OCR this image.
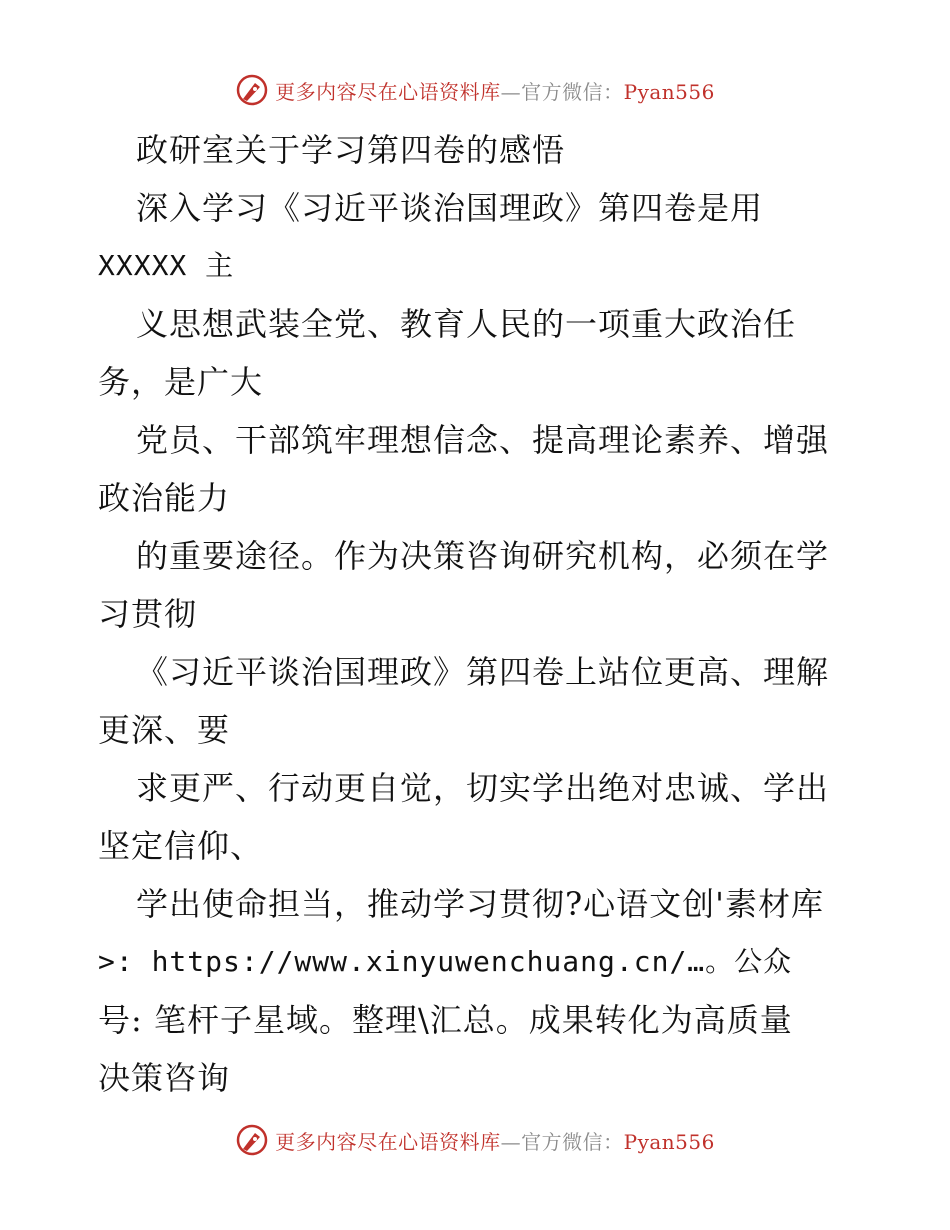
更多内容尽在心语资料库—官方微信：Pyan556
政研室关于学习第四卷的感悟
深入学习《习近平谈治国理政》第四卷是用
XXXXX 主
义思想武装全党、教育人民的一项重大政治任
务，是广大
党员、干部筑牢理想信念、提高理论素养、增强
政治能力
的重要途径。作为决策咨询研究机构，必须在学
习贯彻
《习近平谈治国理政》第四卷上站位更高、理解
更深、要
求更严、行动更自觉，切实学出绝对忠诚、学出
坚定信仰、
学出使命担当，推动学习贯彻?心语文创'素材库
>: https://www.xinyuwenchuang.cn/…。公众
号: 笔杆子星域。整理\汇总。成果转化为高质量
决策咨询
更多内容尽在心语资料库—官方微信：Pyan556
